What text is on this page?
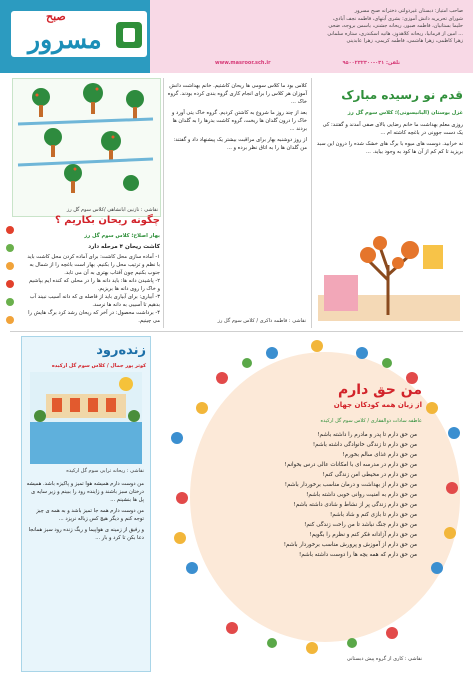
صبح
مسرور
صاحب امتیاز: دبستان غیردولتی دخترانه صبح مسرور
شورای تحریریه دانش آموزی: بشری آبتهای، فاطمه نجف آبادی،
حلیما بستانیان، فاطمه صبور، ریحانه جشنی، یاسمن بروجه، ضحی
... امین از فرمانیا، ریحانه کلاهدوز، هانیه اسکندری، ستاره سلمانی
زهرا کاظمی، زهرا هاشمی، فاطمه کریمی، زهرا عابدینی
www.masroor.sch.ir	تلفن: ۰۳۱-۹۵۰۰۲۳۲۳۰۰
نقاشی : نازنین ابانشاهی /کلاس سوم گل رز
چگونه ریحان بکاریم ؟
بهار اصلاح؛ کلاس سوم گل رز
کاشت ریحان ۴ مرحله دارد
۱- آماده سازی محل کاشت: برای آماده کردن محل کاشت باید با نظم و ترتیب محل را بکنیم. بهار است باغچه را از شمال به جنوب بکنیم چون آفتاب بهتری به آن می تابد.
۲- پاشیدن دانه ها: باید دانه ها را در محلی که کنده ایم بپاشیم و خاک را روی دانه ها بریزیم.
۳- آبیاری: برای آبیاری باید از فاصله ی که دانه آسیب نبیند آب بدهیم تا آسیبی به دانه ها نرسد.
۴- برداشت محصول: در آخر که ریحان رشد کرد برگ هایش را می چینیم.

کلاس بود ما کلاس سومی ها ریحان کاشتیم. خانم بهداشت دانش آموزان هر کلاس را برای انجام کاری گروه بندی کرده بودند. گروه خاک ...

بعد از چند روز ما شروع به کاشتن کردیم. گروه خاک یتی آورد و خاک را درون گلدان ها ریخت، گروه کاشت بذرها را به گلدان ها بردند ...

از روز دوشنبه بهار برای مراقبت بیشتر یک پیشنهاد داد و گفتند: من گلدان ها را به اتاق نظر برده و ...

نقاشی : فاطمه ذاکری / کلاس سوم گل رز
قدم نو رسیده مبارک
غزل بوستان (البانیسونی)؛ کلاس سوم گل رز

روزی معلم بهداشت ما خانم رضایی بالای صفی آمدند و گفتند: کی یک دست جوونی در باغچه کاشته ام ...

نه خرابید. دوست های میوه با برگ های خشک شده را درون این سبد بریزید تا کم کم از آن ها کود به وجود بیاید. ...

زنده‌رود
کوثر پور جمال / کلاس سوم گل ارکیده
نقاشی : ریحانه ترابی سوم گل ارکیده

من دوست دارم همیشه هوا تمیز و پاکیزه باشد. همیشه درختان سبز باشند و زاینده رود را ببینم و زیر سایه ی پل ها بنشینم ...

من دوست دارم همه جا تمیز باشد و به همه ی چیز توجه کنم و دیگر هیچ کس زباله نریزد ...

و رفیق از زمینه ی هواپیما و ریگ زنده رود سیز همانجا دعا بکن تا کرد و بار ...

من حق دارم
از زبان همه کودکان جهان
عاطفه سادات ذوالفقاری / کلاس سوم گل ارکیده
من حق دارم تا پدر و مادرم را داشته باشم!
من حق دارم تا زندگی خانوادگی داشته باشم!
من حق دارم غذای سالم بخورم!
من حق دارم در مدرسه ای با امکانات عالی درس بخوانم!
من حق دارم در محیطی امن زندگی کنم!
من حق دارم از بهداشت و درمان مناسب برخوردار باشم!
من حق دارم به امنیت روانی خوبی داشته باشم!
من حق دارم زندگی پر از نشاط و شادی داشته باشم!
من حق دارم تا بازی کنم و شاد باشم!
من حق دارم جنگ نباشد تا من راحت زندگی کنم!
من حق دارم آزادانه فکر کنم و نظرم را بگویم!
من حق دارم از آموزش و پرورش مناسب برخوردار باشم!
من حق دارم که همه بچه ها را دوست داشته باشم!
نقاشی : کاری از گروه پیش دبستانی
